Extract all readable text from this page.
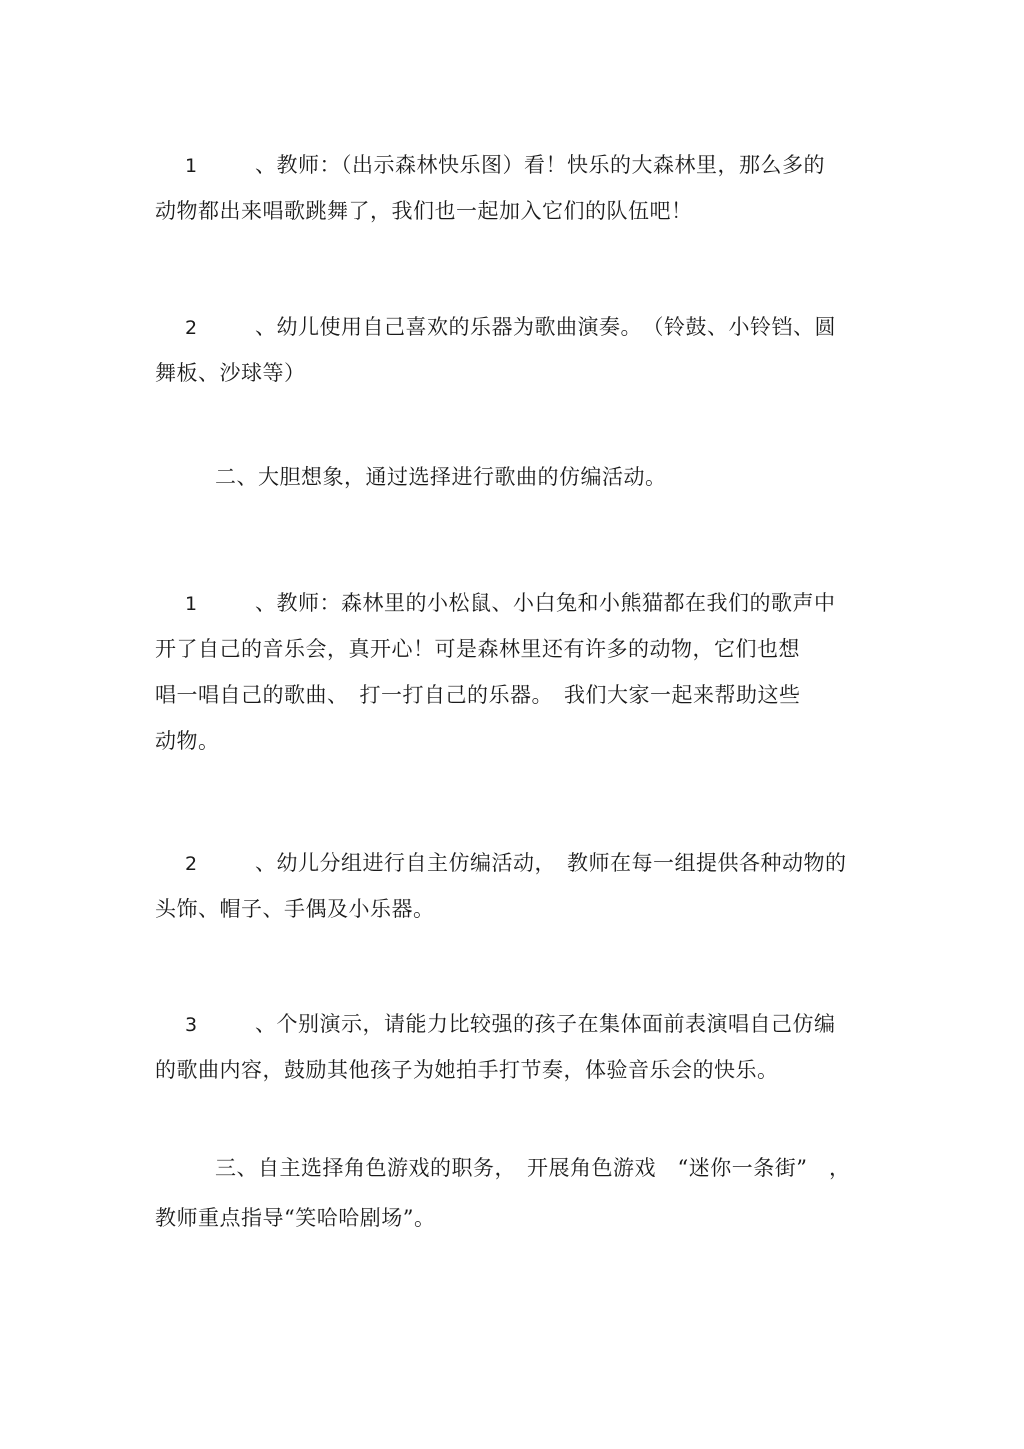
1	、教师：（出示森林快乐图）看！快乐的大森林里，那么多的
动物都出来唱歌跳舞了，我们也一起加入它们的队伍吧！
2	、幼儿使用自己喜欢的乐器为歌曲演奏。　（铃鼓、小铃铛、圆
舞板、沙球等）
二、大胆想象，通过选择进行歌曲的仿编活动。
1	、教师：森林里的小松鼠、小白兔和小熊猫都在我们的歌声中
开了自己的音乐会，真开心！可是森林里还有许多的动物，它们也想
唱一唱自己的歌曲、　打一打自己的乐器。　我们大家一起来帮助这些
动物。
2	、幼儿分组进行自主仿编活动，　教师在每一组提供各种动物的
头饰、帽子、手偶及小乐器。
3	、个别演示，请能力比较强的孩子在集体面前表演唱自己仿编
的歌曲内容，鼓励其他孩子为她拍手打节奏，体验音乐会的快乐。
三、自主选择角色游戏的职务，　开展角色游戏　“迷你一条街”　，
教师重点指导“笑哈哈剧场”。
